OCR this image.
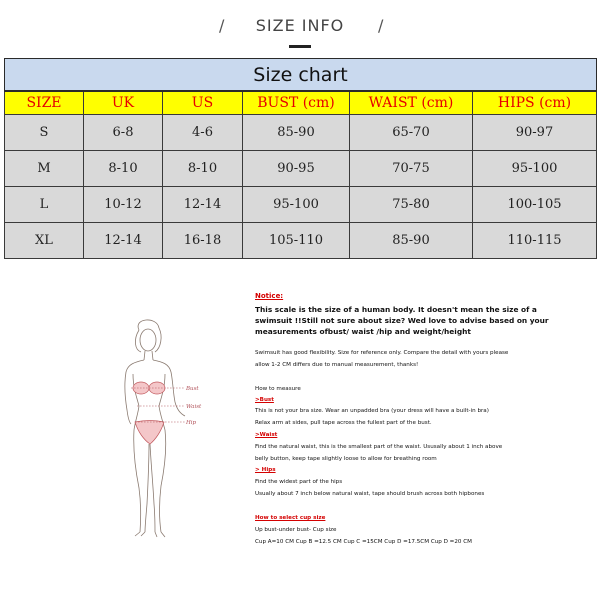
/	SIZE INFO	/
Size chart					
SIZE	UK	US	BUST (cm)	WAIST (cm)	HIPS (cm)
S	6-8	4-6	85-90	65-70	90-97
M	8-10	8-10	90-95	70-75	95-100
L	10-12	12-14	95-100	75-80	100-105
XL	12-14	16-18	105-110	85-90	110-115
Bust
Waist
Hip
Notice:
This scale is the size of a human body. It doesn't mean the size of a
swimsuit !!Still not sure about size? Wed love to advise based on your
measurements ofbust/ waist /hip and weight/height
Swimsuit has good flexibility. Size for reference only. Compare the detail with yours please
allow 1-2 CM differs due to manual measurement, thanks!
How to measure
>Bust
This is not your bra size. Wear an unpadded bra (your dress will have a built-in bra)
Relax arm at sides, pull tape across the fullest part of the bust.
>Waist
Find the natural waist, this is the smallest part of the waist. Ususally about 1 inch above
belly button, keep tape slightly loose to allow for breathing room
> Hips
Find the widest part of the hips
Usually about 7 inch below natural waist, tape should brush across both hipbones
How to select cup size
Up bust-under bust- Cup size
Cup A=10 CM Cup B =12.5 CM Cup C =15CM Cup D =17.5CM Cup D =20 CM
